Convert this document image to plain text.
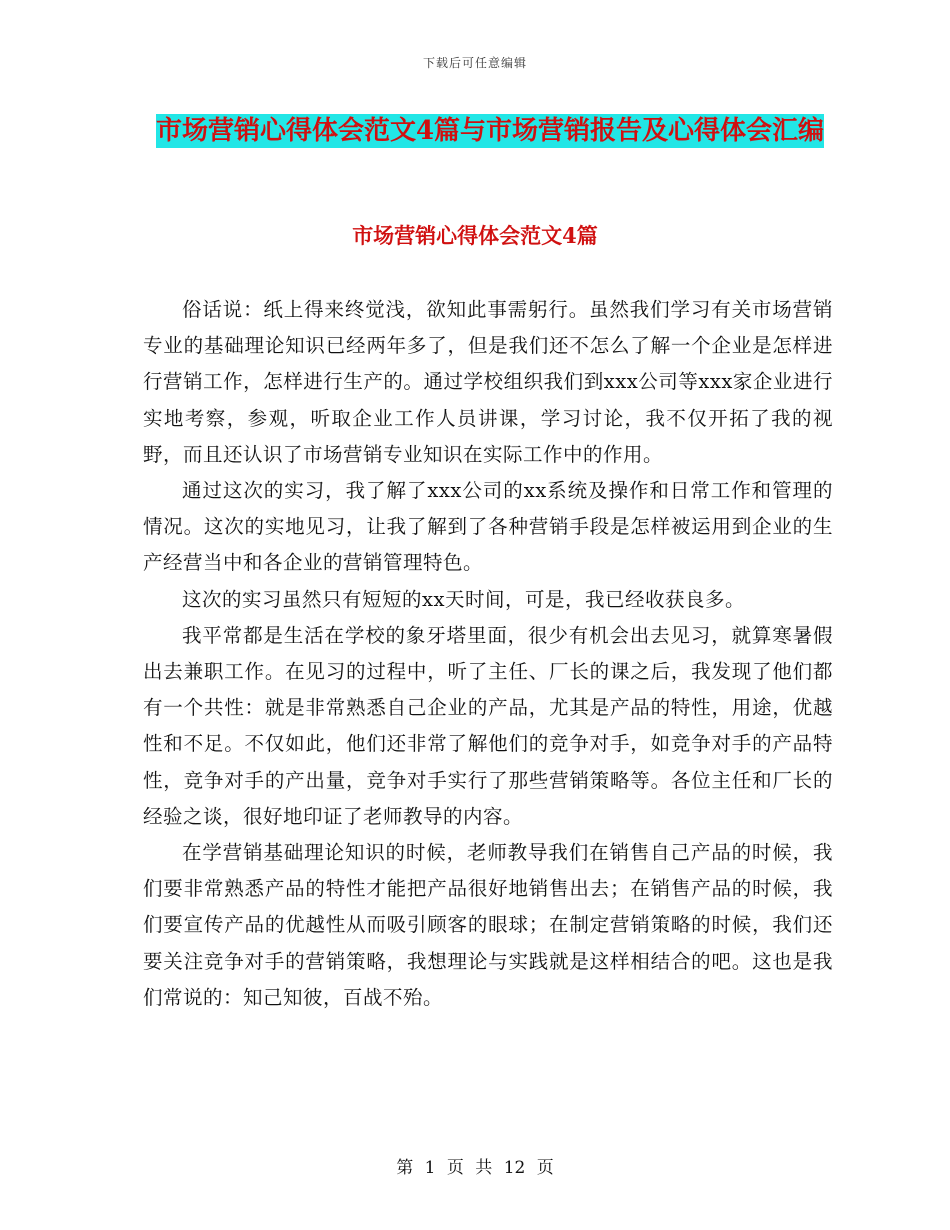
下载后可任意编辑
市场营销心得体会范文4篇与市场营销报告及心得体会汇编
市场营销心得体会范文4篇

俗话说：纸上得来终觉浅，欲知此事需躬行。虽然我们学习有关市场营销专业的基础理论知识已经两年多了，但是我们还不怎么了解一个企业是怎样进行营销工作，怎样进行生产的。通过学校组织我们到xxx公司等xxx家企业进行实地考察，参观，听取企业工作人员讲课，学习讨论，我不仅开拓了我的视野，而且还认识了市场营销专业知识在实际工作中的作用。

通过这次的实习，我了解了xxx公司的xx系统及操作和日常工作和管理的情况。这次的实地见习，让我了解到了各种营销手段是怎样被运用到企业的生产经营当中和各企业的营销管理特色。

这次的实习虽然只有短短的xx天时间，可是，我已经收获良多。

我平常都是生活在学校的象牙塔里面，很少有机会出去见习，就算寒暑假出去兼职工作。在见习的过程中，听了主任、厂长的课之后，我发现了他们都有一个共性：就是非常熟悉自己企业的产品，尤其是产品的特性，用途，优越性和不足。不仅如此，他们还非常了解他们的竞争对手，如竞争对手的产品特性，竞争对手的产出量，竞争对手实行了那些营销策略等。各位主任和厂长的经验之谈，很好地印证了老师教导的内容。

在学营销基础理论知识的时候，老师教导我们在销售自己产品的时候，我们要非常熟悉产品的特性才能把产品很好地销售出去；在销售产品的时候，我们要宣传产品的优越性从而吸引顾客的眼球；在制定营销策略的时候，我们还要关注竞争对手的营销策略，我想理论与实践就是这样相结合的吧。这也是我们常说的：知己知彼，百战不殆。

第 1 页 共 12 页
